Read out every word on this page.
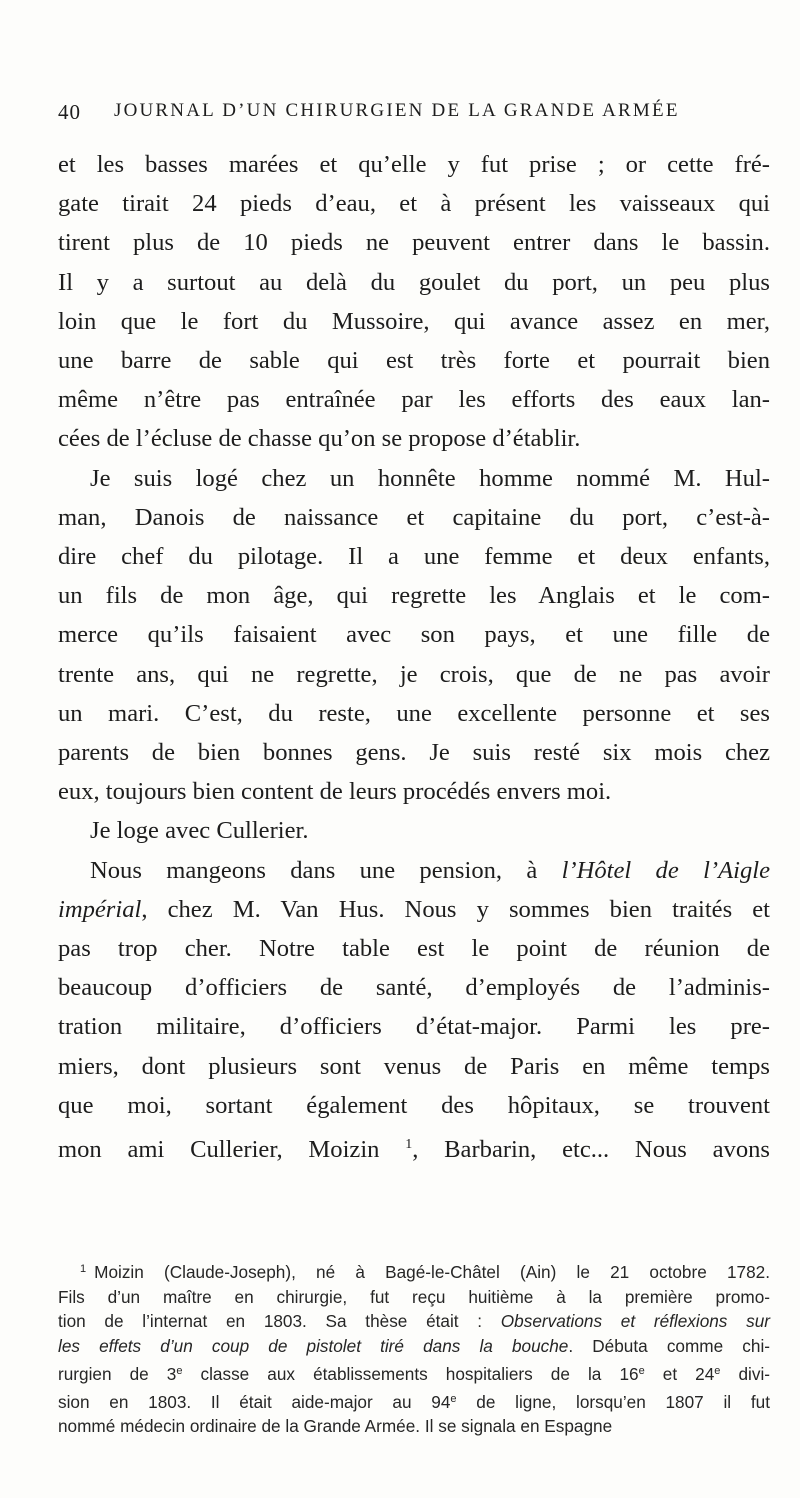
40 JOURNAL D’UN CHIRURGIEN DE LA GRANDE ARMÉE

et les basses marées et qu’elle y fut prise ; or cette fré-
gate tirait 24 pieds d’eau, et à présent les vaisseaux qui
tirent plus de 10 pieds ne peuvent entrer dans le bassin.
Il y a surtout au delà du goulet du port, un peu plus
loin que le fort du Mussoire, qui avance assez en mer,
une barre de sable qui est très forte et pourrait bien
même n’être pas entraînée par les efforts des eaux lan-
cées de l’écluse de chasse qu’on se propose d’établir.

Je suis logé chez un honnête homme nommé M. Hul-
man, Danois de naissance et capitaine du port, c’est-à-
dire chef du pilotage. Il a une femme et deux enfants,
un fils de mon âge, qui regrette les Anglais et le com-
merce qu’ils faisaient avec son pays, et une fille de
trente ans, qui ne regrette, je crois, que de ne pas avoir
un mari. C’est, du reste, une excellente personne et ses
parents de bien bonnes gens. Je suis resté six mois chez
eux, toujours bien content de leurs procédés envers moi.

Je loge avec Cullerier.

Nous mangeons dans une pension, à l’Hôtel de l’Aigle
impérial, chez M. Van Hus. Nous y sommes bien traités et
pas trop cher. Notre table est le point de réunion de
beaucoup d’officiers de santé, d’employés de l’adminis-
tration militaire, d’officiers d’état-major. Parmi les pre-
miers, dont plusieurs sont venus de Paris en même temps
que moi, sortant également des hôpitaux, se trouvent
mon ami Cullerier, Moizin $^1$, Barbarin, etc... Nous avons

$^1$ Moizin (Claude-Joseph), né à Bagé-le-Châtel (Ain) le 21 octobre 1782.
Fils d’un maître en chirurgie, fut reçu huitième à la première promo-
tion de l’internat en 1803. Sa thèse était : Observations et réflexions sur
les effets d’un coup de pistolet tiré dans la bouche. Débuta comme chi-
rurgien de 3e classe aux établissements hospitaliers de la 16e et 24e divi-
sion en 1803. Il était aide-major au 94e de ligne, lorsqu’en 1807 il fut
nommé médecin ordinaire de la Grande Armée. Il se signala en Espagne
